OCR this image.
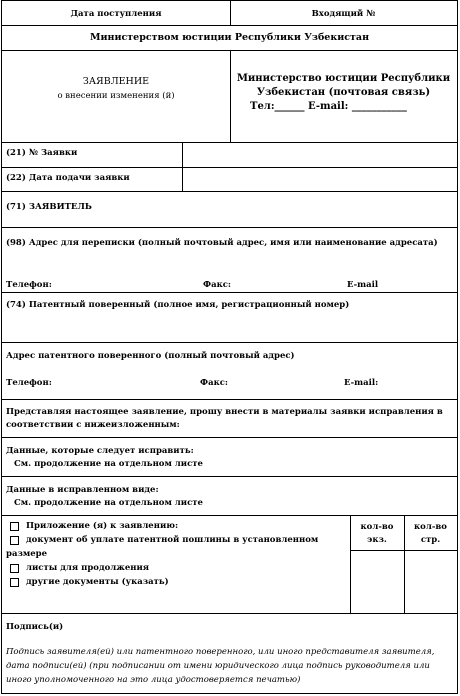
Дата поступления	Входящий №
Министерством юстиции Республики Узбекистан
ЗАЯВЛЕНИЕ
о внесении изменения (й)
Министерство юстиции Республики
Узбекистан (почтовая связь)
Тел:______ E-mail: ___________
(21) № Заявки
(22) Дата подачи заявки
(71) ЗАЯВИТЕЛЬ
(98) Адрес для переписки (полный почтовый адрес, имя или наименование адресата)
Телефон:	Факс:	E-mail
(74) Патентный поверенный (полное имя, регистрационный номер)
Адрес патентного поверенного (полный почтовый адрес)
Телефон:	Факс:	E-mail:
Представляя настоящее заявление, прошу внести в материалы заявки исправления в
соответствии с нижеизложенным:
Данные, которые следует исправить:
См. продолжение на отдельном листе
Данные в исправленном виде:
См. продолжение на отдельном листе
Приложение (я) к заявлению:
документ об уплате патентной пошлины в установленном
размере
листы для продолжения
другие документы (указать)
кол-во
экз.
кол-во
стр.
Подпись(и)
Подпись заявителя(ей) или патентного поверенного, или иного представителя заявителя, дата подписи(ей) (при подписании от имени юридического лица подпись руководителя или иного уполномоченного на это лица удостоверяется печатью)
